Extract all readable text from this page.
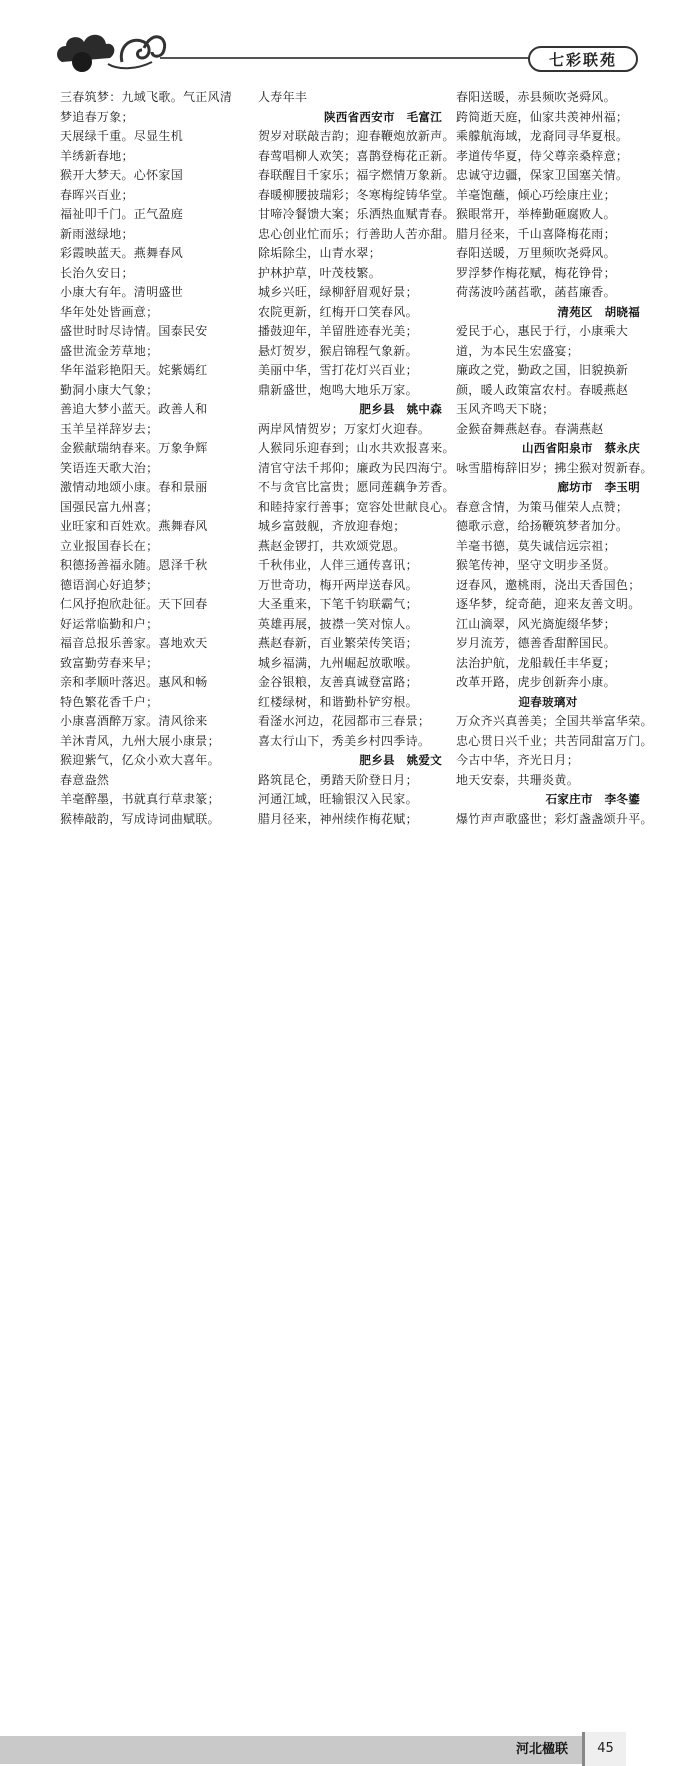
七彩联苑
三春筑梦：九域飞歌。气正风清
梦追春万象；
天展绿千重。尽显生机
羊绣新春地；
猴开大梦天。心怀家国
春晖兴百业；
福祉叩千门。正气盈庭
新雨滋绿地；
彩霞映蓝天。燕舞春风
长治久安日；
小康大有年。清明盛世
华年处处皆画意；
盛世时时尽诗情。国泰民安
盛世流金芳草地；
华年溢彩艳阳天。姹紫嫣红
勤洞小康大气象；
善追大梦小蓝天。政善人和
玉羊呈祥辞岁去；
金猴献瑞纳春来。万象争辉
笑语连天歌大治；
激情动地颂小康。春和景丽
国强民富九州喜；
业旺家和百姓欢。燕舞春风
立业报国春长在；
积德扬善福永随。恩泽千秋
德语润心好追梦；
仁风抒抱欣赴征。天下回春
好运常临勤和户；
福音总报乐善家。喜地欢天
致富勤劳春来早；
亲和孝顺叶落迟。惠风和畅
特色繁花香千户；
小康喜酒醉万家。清风徐来
羊沐青风，九州大展小康景；
猴迎紫气，亿众小欢大喜年。
春意盎然
羊毫醉墨，书就真行草隶篆；
猴棒敲韵，写成诗词曲赋联。
人寿年丰
陕西省西安市　毛富江
贺岁对联敲吉韵；迎春鞭炮放新声。
春莺唱柳人欢笑；喜鹊登梅花正新。
春联醒目千家乐；福字燃情万象新。
春暖柳腰披瑞彩；冬寒梅绽铸华堂。
甘啼冷餐馈大案；乐洒热血赋青春。
忠心创业忙而乐；行善助人苦亦甜。
除垢除尘，山青水翠；
护林护草，叶茂枝繁。
城乡兴旺，绿柳舒眉观好景；
农院更新，红梅开口笑春风。
播鼓迎年，羊留胜迹春光美；
悬灯贺岁，猴启锦程气象新。
美丽中华，雪打花灯兴百业；
鼎新盛世，炮鸣大地乐万家。
肥乡县　姚中森
两岸风情贺岁；万家灯火迎春。
人猴同乐迎春到；山水共欢报喜来。
清官守法千邦仰；廉政为民四海宁。
不与贪官比富贵；愿同莲藕争芳香。
和睦持家行善事；宽容处世献良心。
城乡富鼓舰，齐放迎春炮；
燕赵金锣打，共欢颂党恩。
千秋伟业，人伴三通传喜讯；
万世奇功，梅开两岸送春风。
大圣重来，下笔千钧联霸气；
英雄再展，披襟一笑对惊人。
燕赵春新，百业繁荣传笑语；
城乡福满，九州崛起放歌喉。
金谷银粮，友善真诚登富路；
红楼绿树，和谐勤朴铲穷根。
看滏水河边，花园都市三春景；
喜太行山下，秀美乡村四季诗。
肥乡县　姚爱文
路筑昆仑，勇踏天阶登日月；
河通江域，旺输银汉入民家。
腊月径来，神州续作梅花赋；
春阳送暖，赤县频吹尧舜风。
跨简逝天庭，仙家共羡神州福；
乘艨航海域，龙裔同寻华夏根。
孝道传华夏，侍父尊亲桑梓意；
忠诚守边疆，保家卫国塞关情。
羊毫饱蘸，倾心巧绘康庄业；
猴眼常开，举棒勤砸腐败人。
腊月径来，千山喜降梅花雨；
春阳送暖，万里频吹尧舜风。
罗浮梦作梅花赋，梅花铮骨；
荷荡波吟菡萏歌，菡萏廉香。
清苑区　胡晓福
爱民于心，惠民于行，小康乘大
道，为本民生宏盛宴；
廉政之党，勤政之国，旧貌换新
颜，暖人政策富农村。春暖燕赵
玉风齐鸣天下晓；
金猴奋舞燕赵春。春满燕赵
山西省阳泉市　蔡永庆
咏雪腊梅辞旧岁；拂尘猴对贺新春。
廊坊市　李玉明
春意含情，为策马催荣人点赞；
德歌示意，给扬鞭筑梦者加分。
羊毫书德，莫失诚信远宗祖；
猴笔传神，坚守文明步圣贤。
迓春风，邀桃雨，浇出天香国色；
逐华梦，绽奇葩，迎来友善文明。
江山滴翠，风光旖旎缀华梦；
岁月流芳，德善香甜醉国民。
法治护航，龙船载任丰华夏；
改革开路，虎步创新奔小康。
迎春玻璃对
万众齐兴真善美；全国共举富华荣。
忠心贯日兴千业；共苦同甜富万门。
今古中华，齐光日月；
地天安泰，共珊炎黄。
石家庄市　李冬鎏
爆竹声声歌盛世；彩灯盏盏颂升平。
河北楹联	45
